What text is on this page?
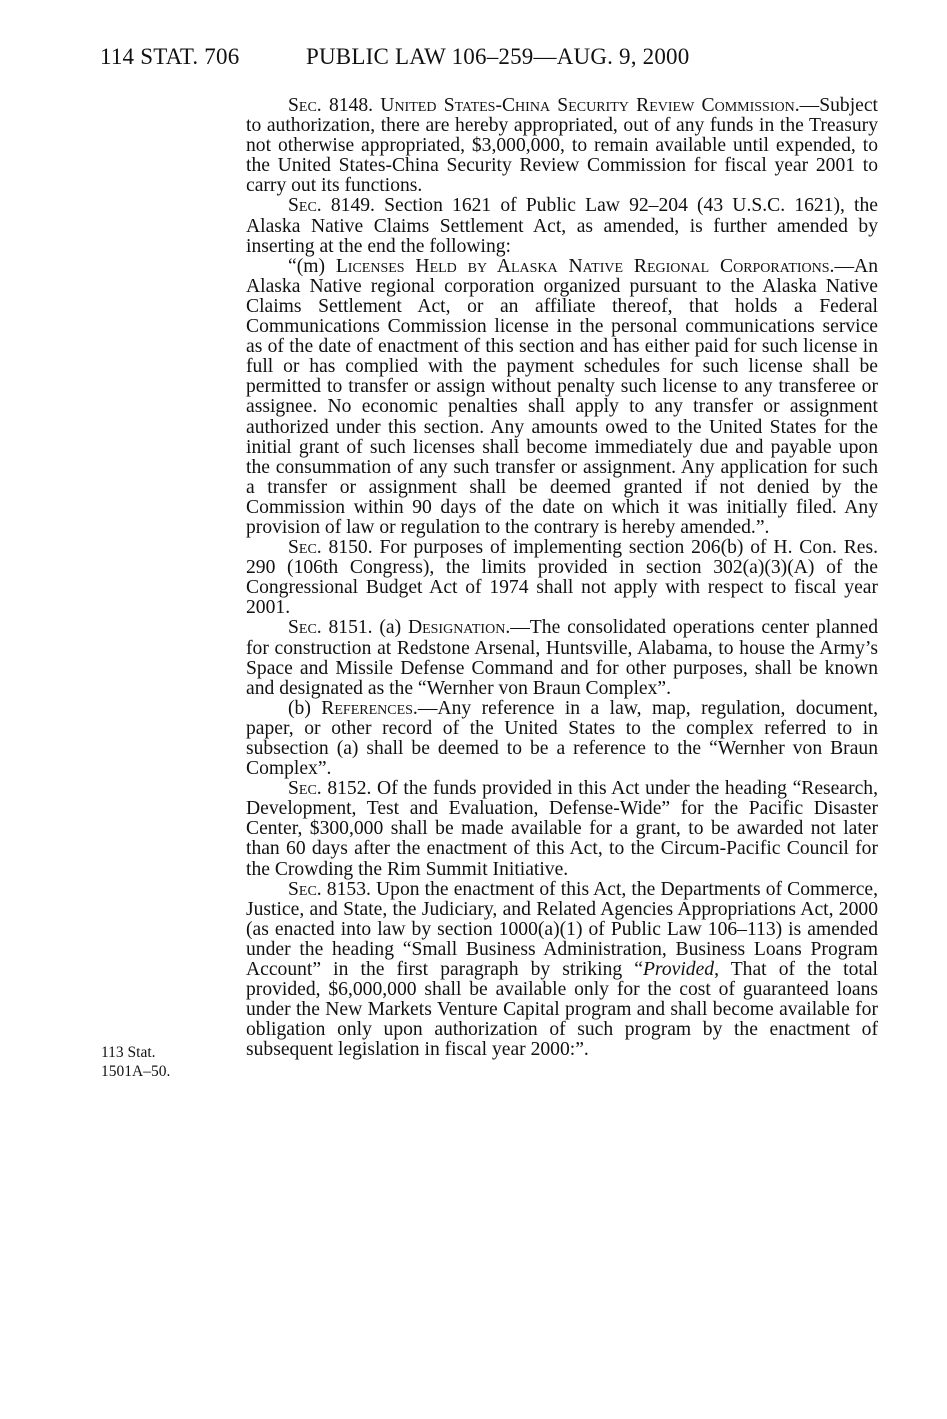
114 STAT. 706	PUBLIC LAW 106–259—AUG. 9, 2000
113 Stat.
1501A–50.

Sec. 8148. United States-China Security Review Commission.—Subject to authorization, there are hereby appropriated, out of any funds in the Treasury not otherwise appropriated, $3,000,000, to remain available until expended, to the United States-China Security Review Commission for fiscal year 2001 to carry out its functions.

Sec. 8149. Section 1621 of Public Law 92–204 (43 U.S.C. 1621), the Alaska Native Claims Settlement Act, as amended, is further amended by inserting at the end the following:

“(m) Licenses Held by Alaska Native Regional Corporations.—An Alaska Native regional corporation organized pursuant to the Alaska Native Claims Settlement Act, or an affiliate thereof, that holds a Federal Communications Commission license in the personal communications service as of the date of enactment of this section and has either paid for such license in full or has complied with the payment schedules for such license shall be permitted to transfer or assign without penalty such license to any transferee or assignee. No economic penalties shall apply to any transfer or assignment authorized under this section. Any amounts owed to the United States for the initial grant of such licenses shall become immediately due and payable upon the consummation of any such transfer or assignment. Any application for such a transfer or assignment shall be deemed granted if not denied by the Commission within 90 days of the date on which it was initially filed. Any provision of law or regulation to the contrary is hereby amended.”.

Sec. 8150. For purposes of implementing section 206(b) of H. Con. Res. 290 (106th Congress), the limits provided in section 302(a)(3)(A) of the Congressional Budget Act of 1974 shall not apply with respect to fiscal year 2001.

Sec. 8151. (a) Designation.—The consolidated operations center planned for construction at Redstone Arsenal, Huntsville, Alabama, to house the Army’s Space and Missile Defense Command and for other purposes, shall be known and designated as the “Wernher von Braun Complex”.

(b) References.—Any reference in a law, map, regulation, document, paper, or other record of the United States to the complex referred to in subsection (a) shall be deemed to be a reference to the “Wernher von Braun Complex”.

Sec. 8152. Of the funds provided in this Act under the heading “Research, Development, Test and Evaluation, Defense-Wide” for the Pacific Disaster Center, $300,000 shall be made available for a grant, to be awarded not later than 60 days after the enactment of this Act, to the Circum-Pacific Council for the Crowding the Rim Summit Initiative.

Sec. 8153. Upon the enactment of this Act, the Departments of Commerce, Justice, and State, the Judiciary, and Related Agencies Appropriations Act, 2000 (as enacted into law by section 1000(a)(1) of Public Law 106–113) is amended under the heading “Small Business Administration, Business Loans Program Account” in the first paragraph by striking “Provided, That of the total provided, $6,000,000 shall be available only for the cost of guaranteed loans under the New Markets Venture Capital program and shall become available for obligation only upon authorization of such program by the enactment of subsequent legislation in fiscal year 2000:”.
